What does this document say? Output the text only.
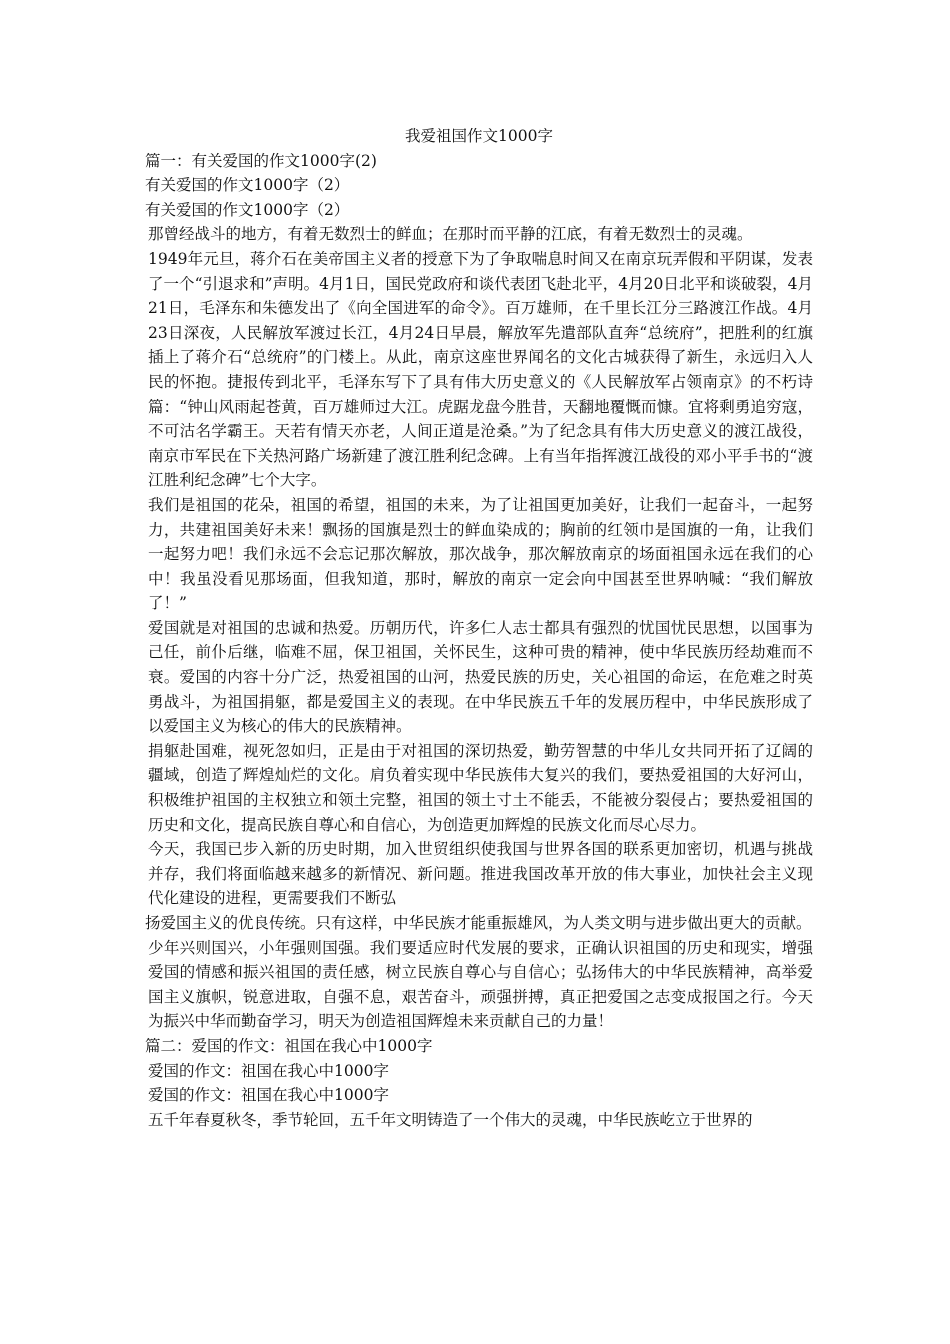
我爱祖国作文1000字

篇一：有关爱国的作文1000字(2)

有关爱国的作文1000字（2）

有关爱国的作文1000字（2）

那曾经战斗的地方，有着无数烈士的鲜血；在那时而平静的江底，有着无数烈士的灵魂。

1949年元旦，蒋介石在美帝国主义者的授意下为了争取喘息时间又在南京玩弄假和平阴谋，发表了一个“引退求和”声明。4月1日，国民党政府和谈代表团飞赴北平，4月20日北平和谈破裂，4月21日，毛泽东和朱德发出了《向全国进军的命令》。百万雄师，在千里长江分三路渡江作战。4月23日深夜，人民解放军渡过长江，4月24日早晨，解放军先遣部队直奔“总统府”，把胜利的红旗插上了蒋介石“总统府”的门楼上。从此，南京这座世界闻名的文化古城获得了新生，永远归入人民的怀抱。捷报传到北平，毛泽东写下了具有伟大历史意义的《人民解放军占领南京》的不朽诗篇：“钟山风雨起苍黄，百万雄师过大江。虎踞龙盘今胜昔，天翻地覆慨而慷。宜将剩勇追穷寇，不可沽名学霸王。天若有情天亦老，人间正道是沧桑。”为了纪念具有伟大历史意义的渡江战役，南京市军民在下关热河路广场新建了渡江胜利纪念碑。上有当年指挥渡江战役的邓小平手书的“渡江胜利纪念碑”七个大字。

我们是祖国的花朵，祖国的希望，祖国的未来，为了让祖国更加美好，让我们一起奋斗，一起努力，共建祖国美好未来！飘扬的国旗是烈士的鲜血染成的；胸前的红领巾是国旗的一角，让我们一起努力吧！我们永远不会忘记那次解放，那次战争，那次解放南京的场面祖国永远在我们的心中！我虽没看见那场面，但我知道，那时，解放的南京一定会向中国甚至世界呐喊：“我们解放了！”

爱国就是对祖国的忠诚和热爱。历朝历代，许多仁人志士都具有强烈的忧国忧民思想，以国事为己任，前仆后继，临难不屈，保卫祖国，关怀民生，这种可贵的精神，使中华民族历经劫难而不衰。爱国的内容十分广泛，热爱祖国的山河，热爱民族的历史，关心祖国的命运，在危难之时英勇战斗，为祖国捐躯，都是爱国主义的表现。在中华民族五千年的发展历程中，中华民族形成了以爱国主义为核心的伟大的民族精神。

捐躯赴国难，视死忽如归，正是由于对祖国的深切热爱，勤劳智慧的中华儿女共同开拓了辽阔的疆域，创造了辉煌灿烂的文化。肩负着实现中华民族伟大复兴的我们，要热爱祖国的大好河山，积极维护祖国的主权独立和领土完整，祖国的领土寸土不能丢，不能被分裂侵占；要热爱祖国的历史和文化，提高民族自尊心和自信心，为创造更加辉煌的民族文化而尽心尽力。

今天，我国已步入新的历史时期，加入世贸组织使我国与世界各国的联系更加密切，机遇与挑战并存，我们将面临越来越多的新情况、新问题。推进我国改革开放的伟大事业，加快社会主义现代化建设的进程，更需要我们不断弘

扬爱国主义的优良传统。只有这样，中华民族才能重振雄风，为人类文明与进步做出更大的贡献。

少年兴则国兴，小年强则国强。我们要适应时代发展的要求，正确认识祖国的历史和现实，增强爱国的情感和振兴祖国的责任感，树立民族自尊心与自信心；弘扬伟大的中华民族精神，高举爱国主义旗帜，锐意进取，自强不息，艰苦奋斗，顽强拼搏，真正把爱国之志变成报国之行。今天为振兴中华而勤奋学习，明天为创造祖国辉煌未来贡献自己的力量！

篇二：爱国的作文：祖国在我心中1000字

爱国的作文：祖国在我心中1000字

爱国的作文：祖国在我心中1000字

五千年春夏秋冬，季节轮回，五千年文明铸造了一个伟大的灵魂，中华民族屹立于世界的
